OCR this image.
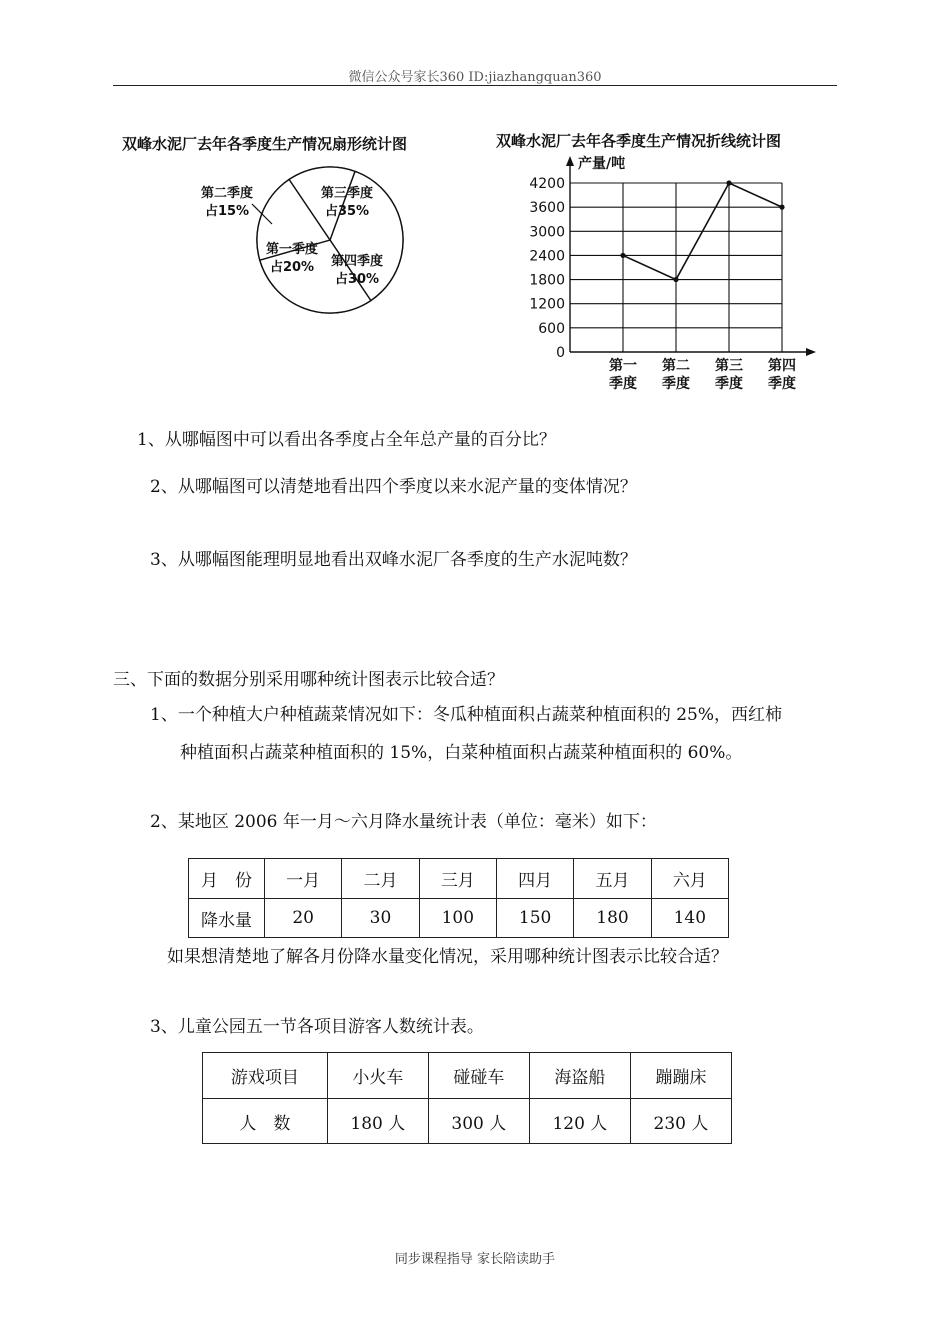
微信公众号家长360 ID:jiazhangquan360
双峰水泥厂去年各季度生产情况扇形统计图
第一季度
占20%
第二季度
占15%
第三季度
占35%
第四季度
占30%
双峰水泥厂去年各季度生产情况折线统计图
0
600
1200
1800
2400
3000
3600
4200
产量/吨
第一
季度
第二
季度
第三
季度
第四
季度
1、从哪幅图中可以看出各季度占全年总产量的百分比？
2、从哪幅图可以清楚地看出四个季度以来水泥产量的变体情况？
3、从哪幅图能理明显地看出双峰水泥厂各季度的生产水泥吨数？
三、下面的数据分别采用哪种统计图表示比较合适？
1、一个种植大户种植蔬菜情况如下：冬瓜种植面积占蔬菜种植面积的 25%，西红柿
种植面积占蔬菜种植面积的 15%，白菜种植面积占蔬菜种植面积的 60%。
2、某地区 2006 年一月～六月降水量统计表（单位：毫米）如下：
月　份	一月	二月	三月	四月	五月	六月
降水量	20	30	100	150	180	140
如果想清楚地了解各月份降水量变化情况，采用哪种统计图表示比较合适？
3、儿童公园五一节各项目游客人数统计表。
游戏项目	小火车	碰碰车	海盗船	蹦蹦床
人　数	180 人	300 人	120 人	230 人
同步课程指导 家长陪读助手
